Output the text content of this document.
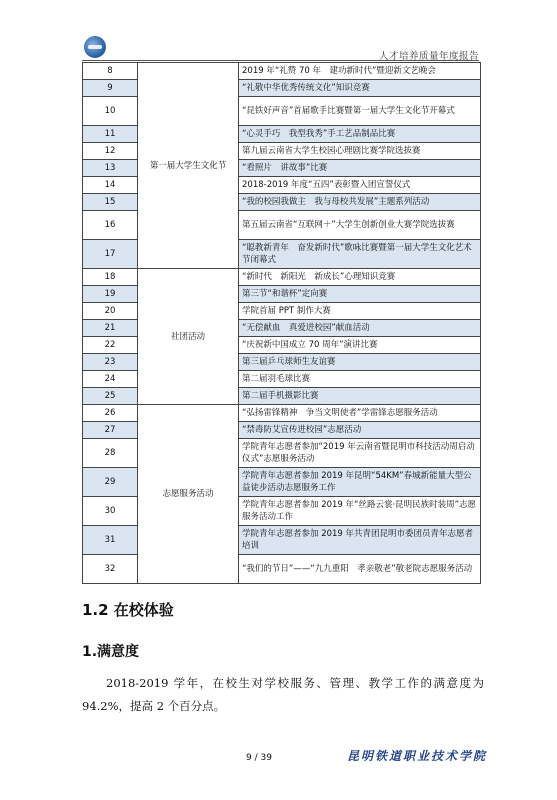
人才培养质量年度报告
8	第一届大学生文化节	2019 年“礼赞 70 年　建功新时代”暨迎新文艺晚会
9		“礼敬中华优秀传统文化”知识竞赛
10		“昆铁好声音”首届歌手比赛暨第一届大学生文化节开幕式
11		“心灵手巧　我型我秀”手工艺品制品比赛
12		第九届云南省大学生校园心理剧比赛学院选拔赛
13		“看照片　讲故事”比赛
14		2018-2019 年度“五四”表彰暨入团宣誓仪式
15		“我的校园我做主　我与母校共发展”主题系列活动
16		第五届云南省“互联网＋”大学生创新创业大赛学院选拔赛
17		“聪教新青年　奋发新时代”歌咏比赛暨第一届大学生文化艺术节闭幕式
18	社团活动	“新时代　新阳光　新成长”心理知识竞赛
19		第三节“和谐杯”定向赛
20		学院首届 PPT 制作大赛
21		“无偿献血　真爱进校园”献血活动
22		“庆祝新中国成立 70 周年”演讲比赛
23		第三届乒乓球师生友谊赛
24		第二届羽毛球比赛
25		第二届手机摄影比赛
26	志愿服务活动	“弘扬雷锋精神　争当文明使者”学雷锋志愿服务活动
27		“禁毒防艾宣传进校园”志愿活动
28		学院青年志愿者参加“2019 年云南省暨昆明市科技活动周启动仪式”志愿服务活动
29		学院青年志愿者参加 2019 年昆明“54KM”春城新能量大型公益徒步活动志愿服务工作
30		学院青年志愿者参加 2019 年“丝路云裳·昆明民族时装周”志愿服务活动工作
31		学院青年志愿者参加 2019 年共青团昆明市委团员青年志愿者培训
32		“我们的节日”——“九九重阳　孝亲敬老”敬老院志愿服务活动
1.2 在校体验
1.满意度
2018-2019 学年，在校生对学校服务、管理、教学工作的满意度为 94.2%，提高 2 个百分点。
9 / 39	昆明铁道职业技术学院
